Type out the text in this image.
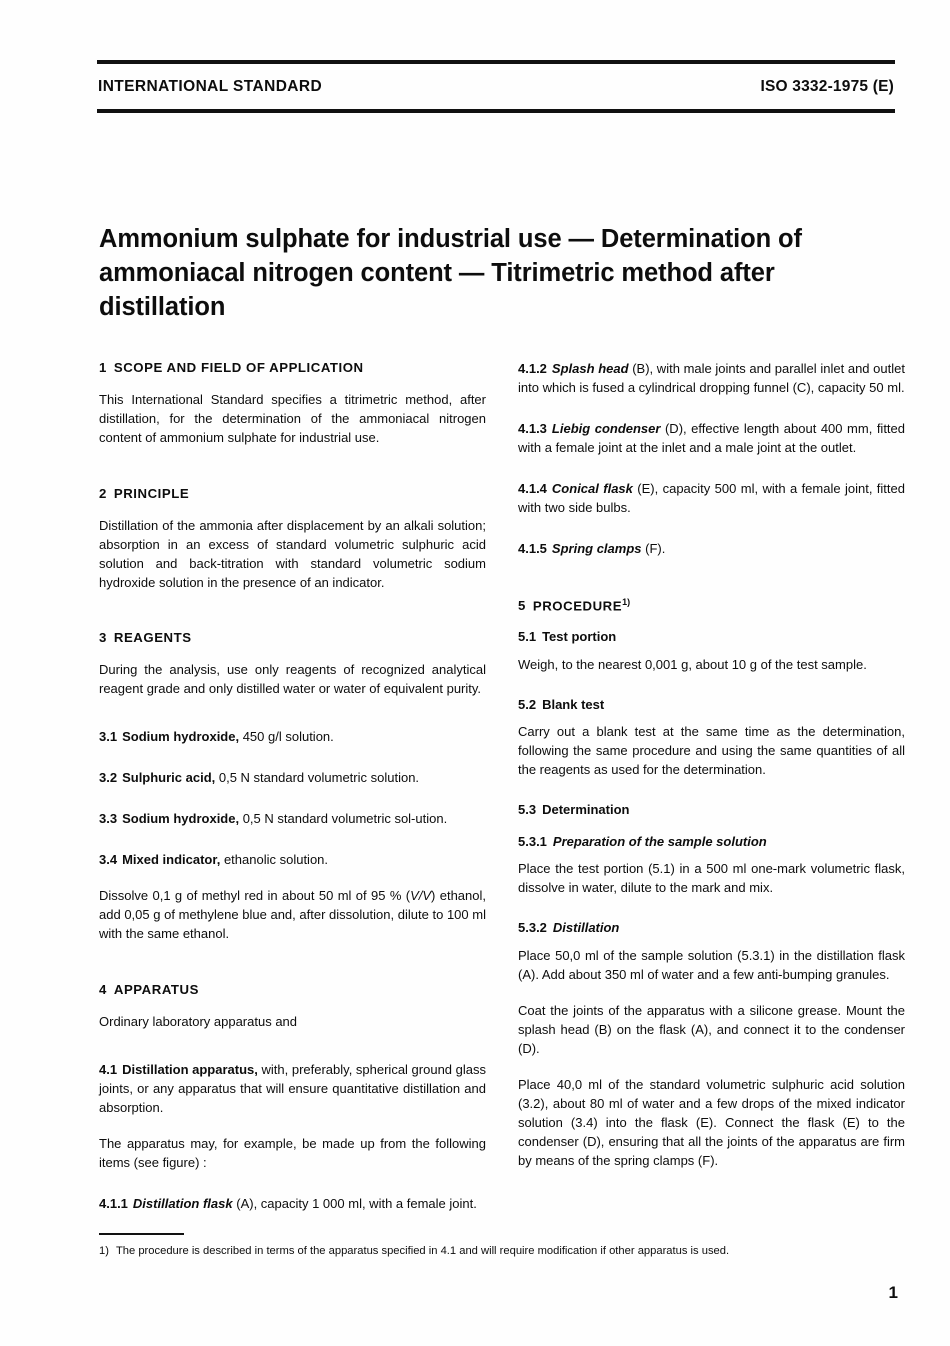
INTERNATIONAL STANDARD	ISO 3332-1975 (E)
Ammonium sulphate for industrial use — Determination of ammoniacal nitrogen content — Titrimetric method after distillation
1 SCOPE AND FIELD OF APPLICATION

This International Standard specifies a titrimetric method, after distillation, for the determination of the ammoniacal nitrogen content of ammonium sulphate for industrial use.

2 PRINCIPLE

Distillation of the ammonia after displacement by an alkali solution; absorption in an excess of standard volumetric sulphuric acid solution and back-titration with standard volumetric sodium hydroxide solution in the presence of an indicator.

3 REAGENTS

During the analysis, use only reagents of recognized analytical reagent grade and only distilled water or water of equivalent purity.

3.1 Sodium hydroxide, 450 g/l solution.

3.2 Sulphuric acid, 0,5 N standard volumetric solution.

3.3 Sodium hydroxide, 0,5 N standard volumetric sol-ution.

3.4 Mixed indicator, ethanolic solution.

Dissolve 0,1 g of methyl red in about 50 ml of 95 % (V/V) ethanol, add 0,05 g of methylene blue and, after dissolution, dilute to 100 ml with the same ethanol.

4 APPARATUS

Ordinary laboratory apparatus and

4.1 Distillation apparatus, with, preferably, spherical ground glass joints, or any apparatus that will ensure quantitative distillation and absorption.

The apparatus may, for example, be made up from the following items (see figure) :

4.1.1 Distillation flask (A), capacity 1 000 ml, with a female joint.

4.1.2 Splash head (B), with male joints and parallel inlet and outlet into which is fused a cylindrical dropping funnel (C), capacity 50 ml.

4.1.3 Liebig condenser (D), effective length about 400 mm, fitted with a female joint at the inlet and a male joint at the outlet.

4.1.4 Conical flask (E), capacity 500 ml, with a female joint, fitted with two side bulbs.

4.1.5 Spring clamps (F).

5 PROCEDURE$^{1)}$
5.1 Test portion

Weigh, to the nearest 0,001 g, about 10 g of the test sample.

5.2 Blank test

Carry out a blank test at the same time as the determination, following the same procedure and using the same quantities of all the reagents as used for the determination.

5.3 Determination
5.3.1 Preparation of the sample solution

Place the test portion (5.1) in a 500 ml one-mark volumetric flask, dissolve in water, dilute to the mark and mix.

5.3.2 Distillation

Place 50,0 ml of the sample solution (5.3.1) in the distillation flask (A). Add about 350 ml of water and a few anti-bumping granules.

Coat the joints of the apparatus with a silicone grease. Mount the splash head (B) on the flask (A), and connect it to the condenser (D).

Place 40,0 ml of the standard volumetric sulphuric acid solution (3.2), about 80 ml of water and a few drops of the mixed indicator solution (3.4) into the flask (E). Connect the flask (E) to the condenser (D), ensuring that all the joints of the apparatus are firm by means of the spring clamps (F).

1) The procedure is described in terms of the apparatus specified in 4.1 and will require modification if other apparatus is used.
1
